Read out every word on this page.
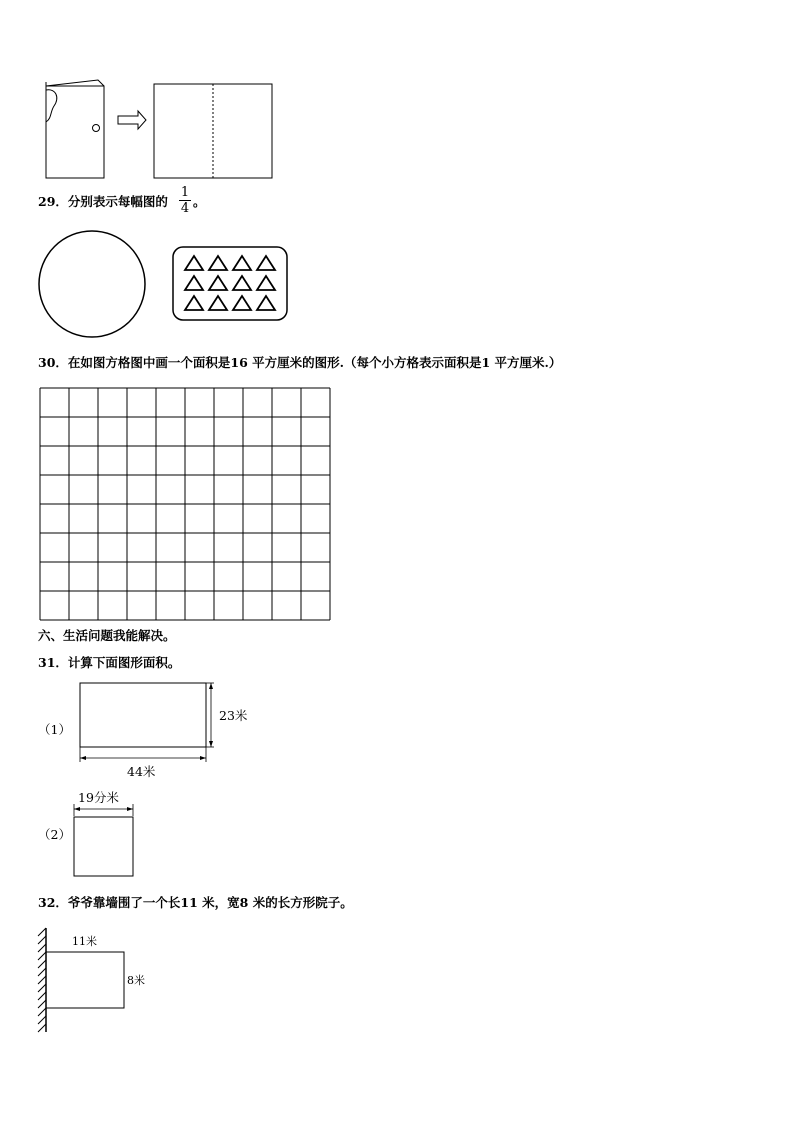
29．分别表示每幅图的
1
4 。
30．在如图方格图中画一个面积是16 平方厘米的图形.（每个小方格表示面积是1 平方厘米.）
六、生活问题我能解决。
31．计算下面图形面积。
（1）
23米
44米
19分米
（2）
32．爷爷靠墙围了一个长11 米，宽8 米的长方形院子。
11米
8米
